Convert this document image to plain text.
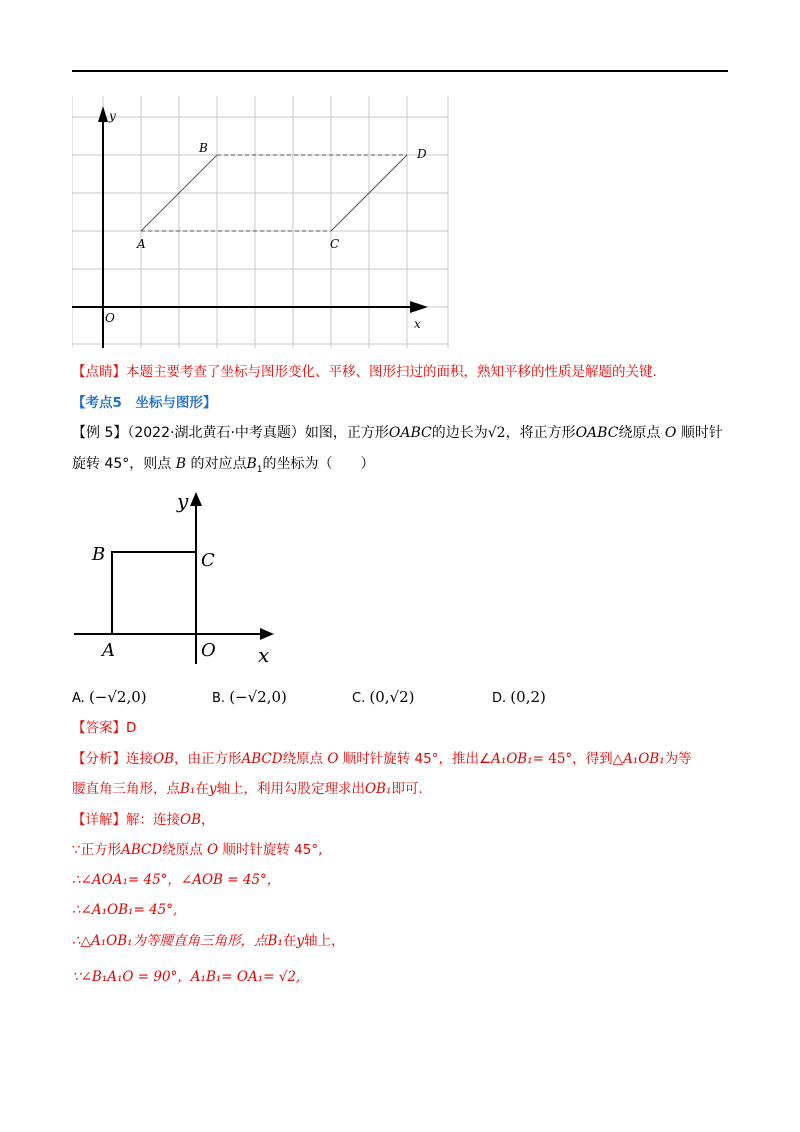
y
x
O
A
B
C
D
【点睛】本题主要考查了坐标与图形变化、平移、图形扫过的面积，熟知平移的性质是解题的关键.
【考点5　坐标与图形】
【例 5】（2022·湖北黄石·中考真题）如图，正方形OABC的边长为√2，将正方形OABC绕原点 O 顺时针
旋转 45°，则点 B 的对应点$B_1$的坐标为（　　）
y
x
B	C
A	O
A. (−√2,0)	B. (−√2,0)	C. (0,√2)	D. (0,2)
【答案】D
【分析】连接OB，由正方形ABCD绕原点 O 顺时针旋转 45°，推出∠A₁OB₁= 45°，得到△A₁OB₁为等
腰直角三角形，点B₁在y轴上，利用勾股定理求出OB₁即可.
【详解】解：连接OB，
∵正方形ABCD绕原点 O 顺时针旋转 45°,
∴∠AOA₁= 45°，∠AOB = 45°，
∴∠A₁OB₁= 45°,
∴△A₁OB₁为等腰直角三角形，点B₁在y轴上，
∵∠B₁A₁O = 90°，A₁B₁= OA₁= √2,
